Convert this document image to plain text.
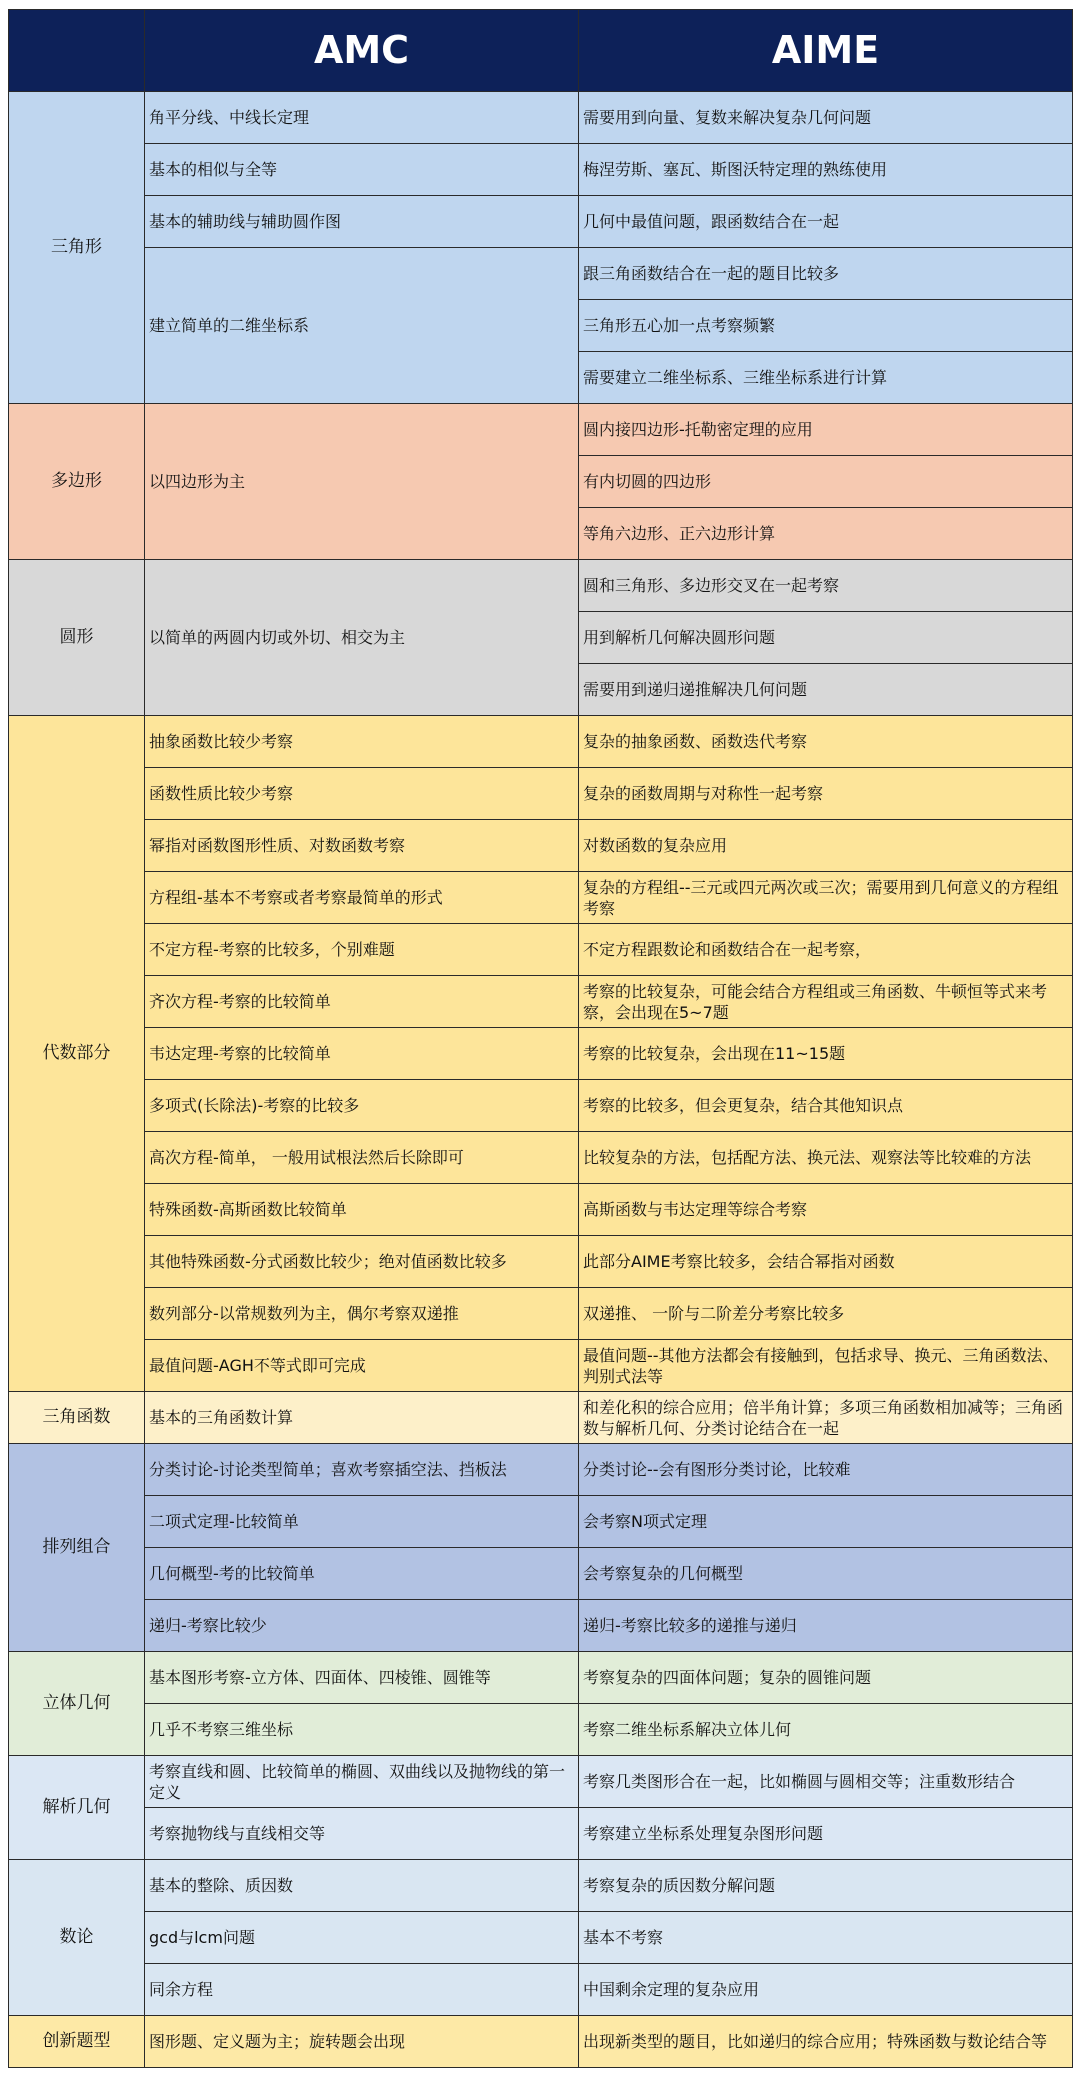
	AMC	AIME
三角形	角平分线、中线长定理	需要用到向量、复数来解决复杂几何问题
	基本的相似与全等	梅涅劳斯、塞瓦、斯图沃特定理的熟练使用
	基本的辅助线与辅助圆作图	几何中最值问题，跟函数结合在一起
	建立简单的二维坐标系	跟三角函数结合在一起的题目比较多
		三角形五心加一点考察频繁
		需要建立二维坐标系、三维坐标系进行计算
多边形	以四边形为主	圆内接四边形-托勒密定理的应用
		有内切圆的四边形
		等角六边形、正六边形计算
圆形	以简单的两圆内切或外切、相交为主	圆和三角形、多边形交叉在一起考察
		用到解析几何解决圆形问题
		需要用到递归递推解决几何问题
代数部分	抽象函数比较少考察	复杂的抽象函数、函数迭代考察
	函数性质比较少考察	复杂的函数周期与对称性一起考察
	幂指对函数图形性质、对数函数考察	对数函数的复杂应用
	方程组-基本不考察或者考察最简单的形式	复杂的方程组--三元或四元两次或三次；需要用到几何意义的方程组考察
	不定方程-考察的比较多，个别难题	不定方程跟数论和函数结合在一起考察，
	齐次方程-考察的比较简单	考察的比较复杂，可能会结合方程组或三角函数、牛顿恒等式来考察，会出现在5~7题
	韦达定理-考察的比较简单	考察的比较复杂，会出现在11~15题
	多项式(长除法)-考察的比较多	考察的比较多，但会更复杂，结合其他知识点
	高次方程-简单， 一般用试根法然后长除即可	比较复杂的方法，包括配方法、换元法、观察法等比较难的方法
	特殊函数-高斯函数比较简单	高斯函数与韦达定理等综合考察
	其他特殊函数-分式函数比较少；绝对值函数比较多	此部分AIME考察比较多，会结合幂指对函数
	数列部分-以常规数列为主，偶尔考察双递推	双递推、 一阶与二阶差分考察比较多
	最值问题-AGH不等式即可完成	最值问题--其他方法都会有接触到，包括求导、换元、三角函数法、判别式法等
三角函数	基本的三角函数计算	和差化积的综合应用；倍半角计算；多项三角函数相加减等；三角函数与解析几何、分类讨论结合在一起
排列组合	分类讨论-讨论类型简单；喜欢考察插空法、挡板法	分类讨论--会有图形分类讨论，比较难
	二项式定理-比较简单	会考察N项式定理
	几何概型-考的比较简单	会考察复杂的几何概型
	递归-考察比较少	递归-考察比较多的递推与递归
立体几何	基本图形考察-立方体、四面体、四棱锥、圆锥等	考察复杂的四面体问题；复杂的圆锥问题
	几乎不考察三维坐标	考察二维坐标系解决立体儿何
解析几何	考察直线和圆、比较简单的椭圆、双曲线以及抛物线的第一定义	考察几类图形合在一起，比如椭圆与圆相交等；注重数形结合
	考察抛物线与直线相交等	考察建立坐标系处理复杂图形问题
数论	基本的整除、质因数	考察复杂的质因数分解问题
	gcd与lcm问题	基本不考察
	同余方程	中国剩余定理的复杂应用
创新题型	图形题、定义题为主；旋转题会出现	出现新类型的题目，比如递归的综合应用；特殊函数与数论结合等
